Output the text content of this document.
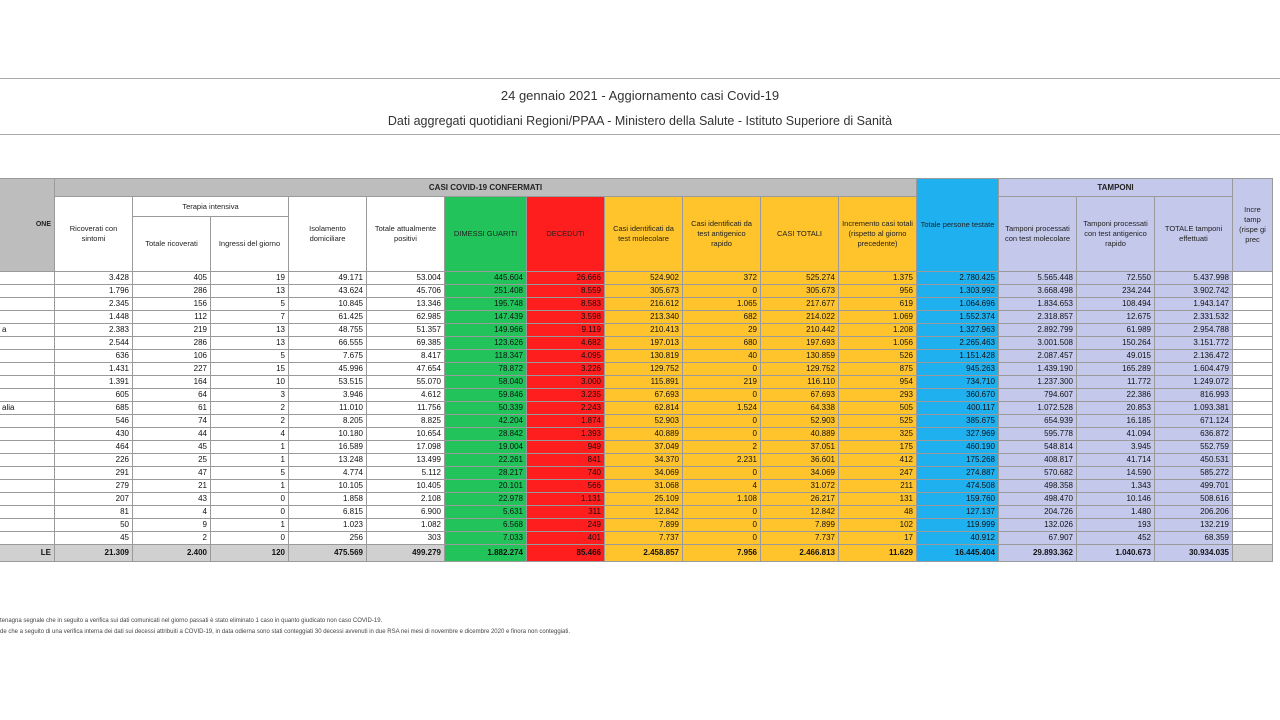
24 gennaio 2021 - Aggiornamento casi Covid-19
Dati aggregati quotidiani Regioni/PPAA - Ministero della Salute - Istituto Superiore di Sanità
ONE	CASI COVID-19 CONFERMATI											Totale persone testate	TAMPONI			Incre tamp (rispe gi prec
	Ricoverati con sintomi	Terapia intensiva		Isolamento domiciliare	Totale attualmente positivi	DIMESSI GUARITI	DECEDUTI	Casi identificati da test molecolare	Casi identificati da test antigenico rapido	CASI TOTALI	Incremento casi totali (rispetto al giorno precedente)		Tamponi processati con test molecolare	Tamponi processati con test antigenico rapido	TOTALE tamponi effettuati	
		Totale ricoverati	Ingressi del giorno													
	3.428	405	19	49.171	53.004	445.604	26.666	524.902	372	525.274	1.375	2.780.425	5.565.448	72.550	5.437.998	
	1.796	286	13	43.624	45.706	251.408	8.559	305.673	0	305.673	956	1.303.992	3.668.498	234.244	3.902.742	
	2.345	156	5	10.845	13.346	195.748	8.583	216.612	1.065	217.677	619	1.064.696	1.834.653	108.494	1.943.147	
	1.448	112	7	61.425	62.985	147.439	3.598	213.340	682	214.022	1.069	1.552.374	2.318.857	12.675	2.331.532	
a	2.383	219	13	48.755	51.357	149.966	9.119	210.413	29	210.442	1.208	1.327.963	2.892.799	61.989	2.954.788	
	2.544	286	13	66.555	69.385	123.626	4.682	197.013	680	197.693	1.056	2.265.463	3.001.508	150.264	3.151.772	
	636	106	5	7.675	8.417	118.347	4.095	130.819	40	130.859	526	1.151.428	2.087.457	49.015	2.136.472	
	1.431	227	15	45.996	47.654	78.872	3.226	129.752	0	129.752	875	945.263	1.439.190	165.289	1.604.479	
	1.391	164	10	53.515	55.070	58.040	3.000	115.891	219	116.110	954	734.710	1.237.300	11.772	1.249.072	
	605	64	3	3.946	4.612	59.846	3.235	67.693	0	67.693	293	360.670	794.607	22.386	816.993	
alia	685	61	2	11.010	11.756	50.339	2.243	62.814	1.524	64.338	505	400.117	1.072.528	20.853	1.093.381	
	546	74	2	8.205	8.825	42.204	1.874	52.903	0	52.903	525	385.675	654.939	16.185	671.124	
	430	44	4	10.180	10.654	28.842	1.393	40.889	0	40.889	325	327.969	595.778	41.094	636.872	
	464	45	1	16.589	17.098	19.004	949	37.049	2	37.051	175	460.190	548.814	3.945	552.759	
	226	25	1	13.248	13.499	22.261	841	34.370	2.231	36.601	412	175.268	408.817	41.714	450.531	
	291	47	5	4.774	5.112	28.217	740	34.069	0	34.069	247	274.887	570.682	14.590	585.272	
	279	21	1	10.105	10.405	20.101	566	31.068	4	31.072	211	474.508	498.358	1.343	499.701	
	207	43	0	1.858	2.108	22.978	1.131	25.109	1.108	26.217	131	159.760	498.470	10.146	508.616	
	81	4	0	6.815	6.900	5.631	311	12.842	0	12.842	48	127.137	204.726	1.480	206.206	
	50	9	1	1.023	1.082	6.568	249	7.899	0	7.899	102	119.999	132.026	193	132.219	
	45	2	0	256	303	7.033	401	7.737	0	7.737	17	40.912	67.907	452	68.359	
LE	21.309	2.400	120	475.569	499.279	1.882.274	85.466	2.458.857	7.956	2.466.813	11.629	16.445.404	29.893.362	1.040.673	30.934.035	
tenagna segnale che in seguito a verifica sui dati comunicati nel giorno passati è stato eliminato 1 caso in quanto giudicato non caso COVID-19.
de che a seguito di una verifica interna dei dati sui decessi attribuiti a COVID-19, in data odierna sono stati conteggiati 30 decessi avvenuti in due RSA nei mesi di novembre e dicembre 2020 e finora non conteggiati.
